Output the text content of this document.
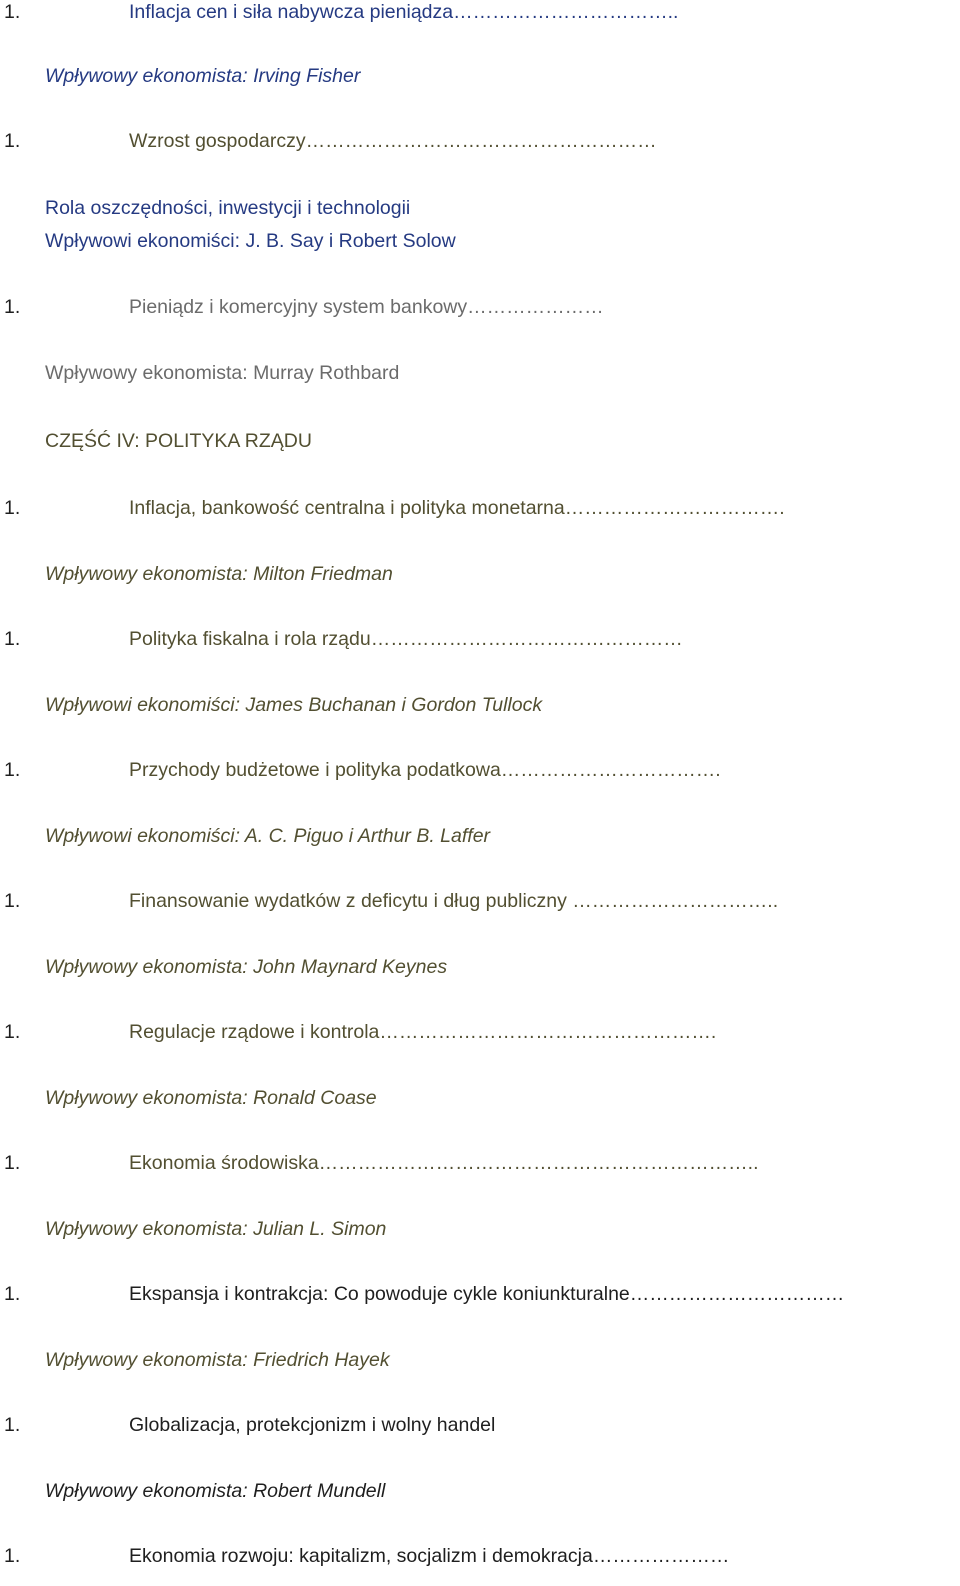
1.	Inflacja cen i siła nabywcza pieniądza……………………………..
Wpływowy ekonomista: Irving Fisher
1.	Wzrost gospodarczy………………………………………………
Rola oszczędności, inwestycji i technologii
Wpływowi ekonomiści: J. B. Say i Robert Solow
1.	Pieniądz i komercyjny system bankowy…………………
Wpływowy ekonomista: Murray Rothbard
CZĘŚĆ IV: POLITYKA RZĄDU
1.	Inflacja, bankowość centralna i polityka monetarna…………………………….
Wpływowy ekonomista: Milton Friedman
1.	Polityka fiskalna i rola rządu…………………………………………
Wpływowi ekonomiści: James Buchanan i Gordon Tullock
1.	Przychody budżetowe i polityka podatkowa…………………………….
Wpływowi ekonomiści: A. C. Piguo i Arthur B. Laffer
1.	Finansowanie wydatków z deficytu i dług publiczny …………………………..
Wpływowy ekonomista: John Maynard Keynes
1.	Regulacje rządowe i kontrola…………………………………………….
Wpływowy ekonomista: Ronald Coase
1.	Ekonomia środowiska…………………………………………………………..
Wpływowy ekonomista: Julian L. Simon
1.	Ekspansja i kontrakcja: Co powoduje cykle koniunkturalne……………………………
Wpływowy ekonomista: Friedrich Hayek
1.	Globalizacja, protekcjonizm i wolny handel
Wpływowy ekonomista: Robert Mundell
1.	Ekonomia rozwoju: kapitalizm, socjalizm i demokracja…………………
